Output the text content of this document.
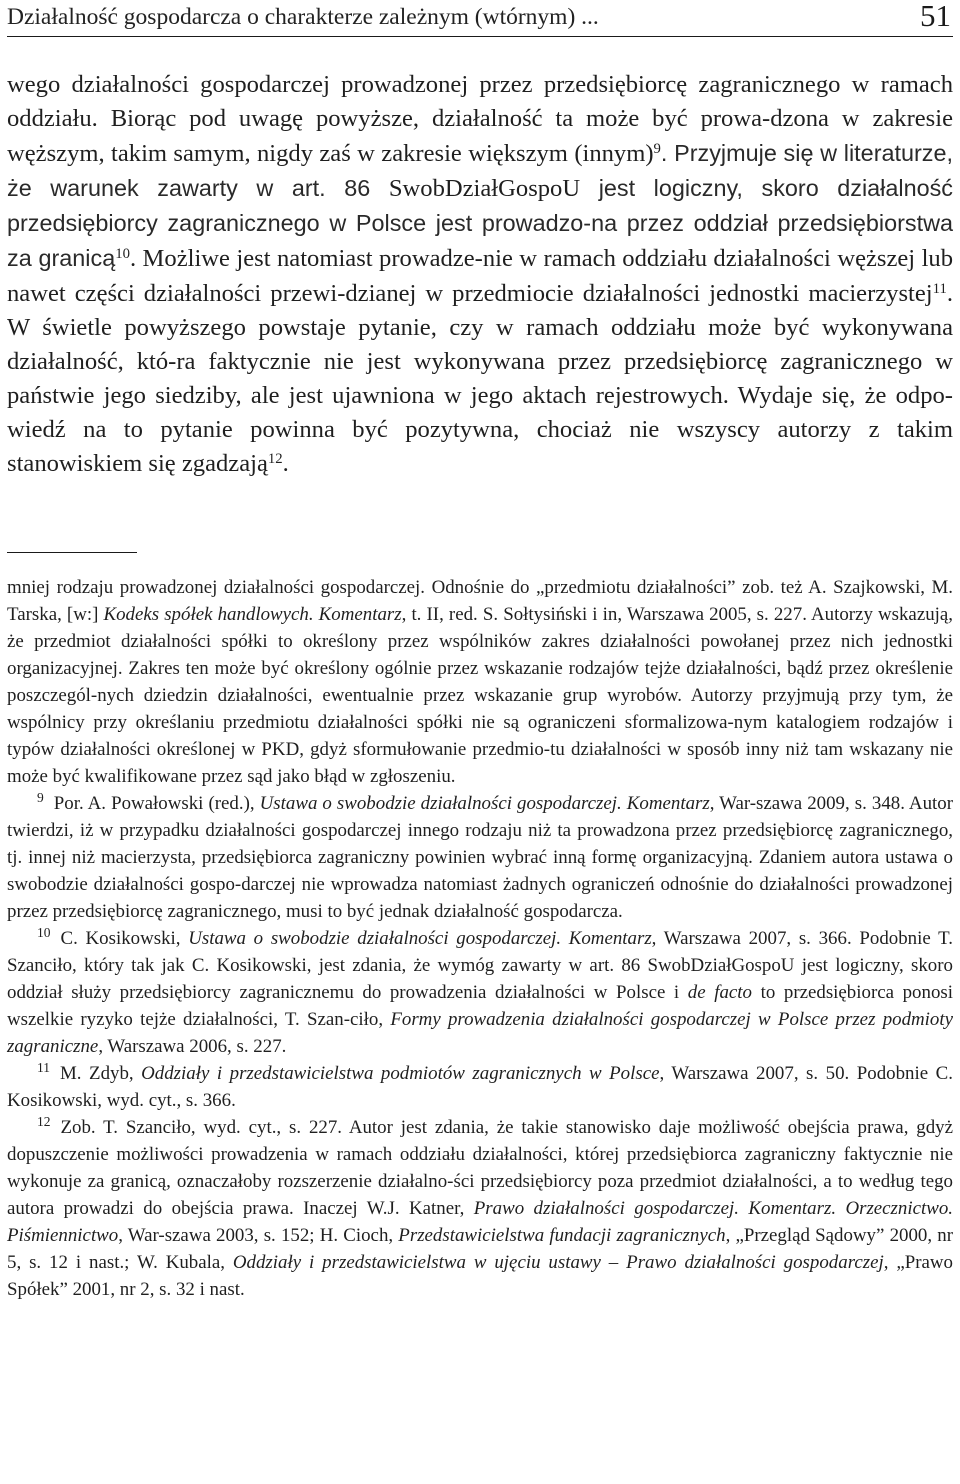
Działalność gospodarcza o charakterze zależnym (wtórnym) ...	51

wego działalności gospodarczej prowadzonej przez przedsiębiorcę zagranicznego w ramach oddziału. Biorąc pod uwagę powyższe, działalność ta może być prowa-dzona w zakresie węższym, takim samym, nigdy zaś w zakresie większym (innym)$^9$. Przyjmuje się w literaturze, że warunek zawarty w art. 86 SwobDziałGospoU jest logiczny, skoro działalność przedsiębiorcy zagranicznego w Polsce jest prowadzo-na przez oddział przedsiębiorstwa za granicą$^{10}$. Możliwe jest natomiast prowadze-nie w ramach oddziału działalności węższej lub nawet części działalności przewi-dzianej w przedmiocie działalności jednostki macierzystej$^{11}$. W świetle powyższego powstaje pytanie, czy w ramach oddziału może być wykonywana działalność, któ-ra faktycznie nie jest wykonywana przez przedsiębiorcę zagranicznego w państwie jego siedziby, ale jest ujawniona w jego aktach rejestrowych. Wydaje się, że odpo-wiedź na to pytanie powinna być pozytywna, chociaż nie wszyscy autorzy z takim stanowiskiem się zgadzają$^{12}$.

mniej rodzaju prowadzonej działalności gospodarczej. Odnośnie do „przedmiotu działalności” zob. też A. Szajkowski, M. Tarska, [w:] Kodeks spółek handlowych. Komentarz, t. II, red. S. Sołtysiński i in, Warszawa 2005, s. 227. Autorzy wskazują, że przedmiot działalności spółki to określony przez wspólników zakres działalności powołanej przez nich jednostki organizacyjnej. Zakres ten może być określony ogólnie przez wskazanie rodzajów tejże działalności, bądź przez określenie poszczegól-nych dziedzin działalności, ewentualnie przez wskazanie grup wyrobów. Autorzy przyjmują przy tym, że wspólnicy przy określaniu przedmiotu działalności spółki nie są ograniczeni sformalizowa-nym katalogiem rodzajów i typów działalności określonej w PKD, gdyż sformułowanie przedmio-tu działalności w sposób inny niż tam wskazany nie może być kwalifikowane przez sąd jako błąd w zgłoszeniu.

$^9$ Por. A. Powałowski (red.), Ustawa o swobodzie działalności gospodarczej. Komentarz, War-szawa 2009, s. 348. Autor twierdzi, iż w przypadku działalności gospodarczej innego rodzaju niż ta prowadzona przez przedsiębiorcę zagranicznego, tj. innej niż macierzysta, przedsiębiorca zagraniczny powinien wybrać inną formę organizacyjną. Zdaniem autora ustawa o swobodzie działalności gospo-darczej nie wprowadza natomiast żadnych ograniczeń odnośnie do działalności prowadzonej przez przedsiębiorcę zagranicznego, musi to być jednak działalność gospodarcza.

$^{10}$ C. Kosikowski, Ustawa o swobodzie działalności gospodarczej. Komentarz, Warszawa 2007, s. 366. Podobnie T. Szanciło, który tak jak C. Kosikowski, jest zdania, że wymóg zawarty w art. 86 SwobDziałGospoU jest logiczny, skoro oddział służy przedsiębiorcy zagranicznemu do prowadzenia działalności w Polsce i de facto to przedsiębiorca ponosi wszelkie ryzyko tejże działalności, T. Szan-ciło, Formy prowadzenia działalności gospodarczej w Polsce przez podmioty zagraniczne, Warszawa 2006, s. 227.

$^{11}$ M. Zdyb, Oddziały i przedstawicielstwa podmiotów zagranicznych w Polsce, Warszawa 2007, s. 50. Podobnie C. Kosikowski, wyd. cyt., s. 366.

$^{12}$ Zob. T. Szanciło, wyd. cyt., s. 227. Autor jest zdania, że takie stanowisko daje możliwość obejścia prawa, gdyż dopuszczenie możliwości prowadzenia w ramach oddziału działalności, której przedsiębiorca zagraniczny faktycznie nie wykonuje za granicą, oznaczałoby rozszerzenie działalno-ści przedsiębiorcy poza przedmiot działalności, a to według tego autora prowadzi do obejścia prawa. Inaczej W.J. Katner, Prawo działalności gospodarczej. Komentarz. Orzecznictwo. Piśmiennictwo, War-szawa 2003, s. 152; H. Cioch, Przedstawicielstwa fundacji zagranicznych, „Przegląd Sądowy” 2000, nr 5, s. 12 i nast.; W. Kubala, Oddziały i przedstawicielstwa w ujęciu ustawy – Prawo działalności gospodarczej, „Prawo Spółek” 2001, nr 2, s. 32 i nast.
